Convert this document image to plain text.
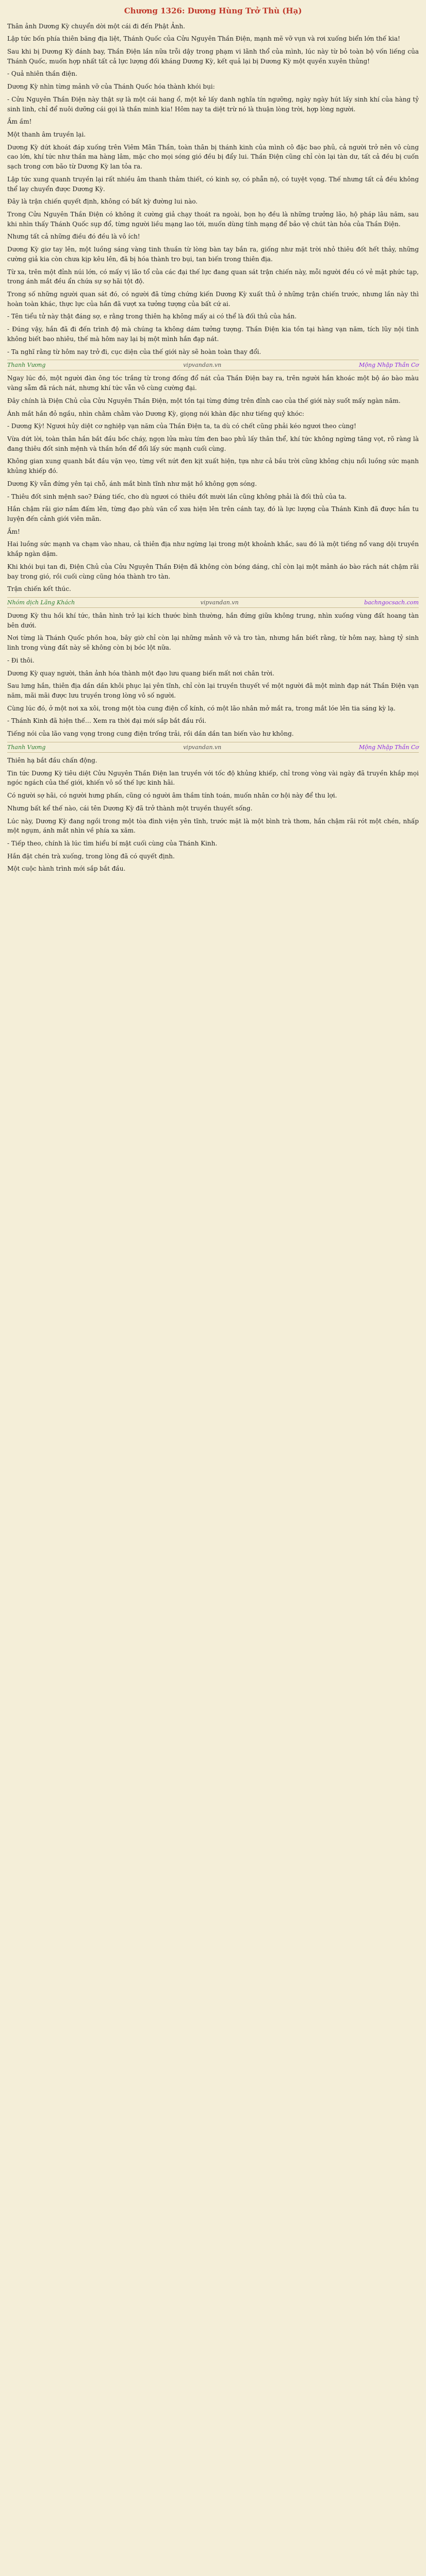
Chương 1326: Dương Hùng Trở Thù (Hạ)

Thân ảnh Dương Kỳ chuyển dời một cái đi đến Phật Ảnh.

Lập tức bốn phía thiên băng địa liệt, Thánh Quốc của Cửu Nguyên Thần Điện, mạnh mẽ vỡ vụn và rơi xuống biển lớn thế kia!

Sau khi bị Dương Kỳ đánh bay, Thần Điện lần nữa trỗi dậy trong phạm vi lãnh thổ của mình, lúc này từ bỏ toàn bộ vốn liếng của Thánh Quốc, muốn hợp nhất tất cả lực lượng đối kháng Dương Kỳ, kết quả lại bị Dương Kỳ một quyền xuyên thủng!

- Quả nhiên thần điện.

Dương Kỳ nhìn từng mảnh vỡ của Thánh Quốc hóa thành khói bụi:

- Cửu Nguyên Thần Điện này thật sự là một cái hang ổ, một kẻ lấy danh nghĩa tín ngưỡng, ngày ngày hút lấy sinh khí của hàng tỷ sinh linh, chỉ để nuôi dưỡng cái gọi là thần minh kia! Hôm nay ta diệt trừ nó là thuận lòng trời, hợp lòng người.

Ầm ầm!

Một thanh âm truyền lại.

Dương Kỳ dứt khoát đáp xuống trên Viêm Mãn Thần, toàn thân bị thánh kinh của mình cô đặc bao phủ, cả người trở nên vô cùng cao lớn, khí tức như thần ma hàng lâm, mặc cho mọi sóng gió đều bị đẩy lui. Thần Điện cũng chỉ còn lại tàn dư, tất cả đều bị cuốn sạch trong cơn bão từ Dương Kỳ lan tỏa ra.

Lập tức xung quanh truyền lại rất nhiều âm thanh thảm thiết, có kinh sợ, có phẫn nộ, có tuyệt vọng. Thế nhưng tất cả đều không thể lay chuyển được Dương Kỳ.

Đây là trận chiến quyết định, không có bất kỳ đường lui nào.

Trong Cửu Nguyên Thần Điện có không ít cường giả chạy thoát ra ngoài, bọn họ đều là những trưởng lão, hộ pháp lâu năm, sau khi nhìn thấy Thánh Quốc sụp đổ, từng người liều mạng lao tới, muốn dùng tính mạng để bảo vệ chút tàn hỏa của Thần Điện.

Nhưng tất cả những điều đó đều là vô ích!

Dương Kỳ giơ tay lên, một luồng sáng vàng tinh thuần từ lòng bàn tay bắn ra, giống như mặt trời nhỏ thiêu đốt hết thảy, những cường giả kia còn chưa kịp kêu lên, đã bị hóa thành tro bụi, tan biến trong thiên địa.

Từ xa, trên một đỉnh núi lớn, có mấy vị lão tổ của các đại thế lực đang quan sát trận chiến này, mỗi người đều có vẻ mặt phức tạp, trong ánh mắt đều ẩn chứa sự sợ hãi tột độ.

Trong số những người quan sát đó, có người đã từng chứng kiến Dương Kỳ xuất thủ ở những trận chiến trước, nhưng lần này thì hoàn toàn khác, thực lực của hắn đã vượt xa tưởng tượng của bất cứ ai.

- Tên tiểu tử này thật đáng sợ, e rằng trong thiên hạ không mấy ai có thể là đối thủ của hắn.

- Đúng vậy, hắn đã đi đến trình độ mà chúng ta không dám tưởng tượng. Thần Điện kia tồn tại hàng vạn năm, tích lũy nội tình không biết bao nhiêu, thế mà hôm nay lại bị một mình hắn đạp nát.

- Ta nghĩ rằng từ hôm nay trở đi, cục diện của thế giới này sẽ hoàn toàn thay đổi.

Thanh Vương	vipvandan.vn	Mộng Nhập Thần Cơ

Ngay lúc đó, một người đàn ông tóc trắng từ trong đống đổ nát của Thần Điện bay ra, trên người hắn khoác một bộ áo bào màu vàng sẫm đã rách nát, nhưng khí tức vẫn vô cùng cường đại.

Đây chính là Điện Chủ của Cửu Nguyên Thần Điện, một tồn tại từng đứng trên đỉnh cao của thế giới này suốt mấy ngàn năm.

Ánh mắt hắn đỏ ngầu, nhìn chằm chằm vào Dương Kỳ, giọng nói khàn đặc như tiếng quỷ khóc:

- Dương Kỳ! Ngươi hủy diệt cơ nghiệp vạn năm của Thần Điện ta, ta dù có chết cũng phải kéo ngươi theo cùng!

Vừa dứt lời, toàn thân hắn bắt đầu bốc cháy, ngọn lửa màu tím đen bao phủ lấy thân thể, khí tức không ngừng tăng vọt, rõ ràng là đang thiêu đốt sinh mệnh và thần hồn để đổi lấy sức mạnh cuối cùng.

Không gian xung quanh bắt đầu vặn vẹo, từng vết nứt đen kịt xuất hiện, tựa như cả bầu trời cũng không chịu nổi luồng sức mạnh khủng khiếp đó.

Dương Kỳ vẫn đứng yên tại chỗ, ánh mắt bình tĩnh như mặt hồ không gợn sóng.

- Thiêu đốt sinh mệnh sao? Đáng tiếc, cho dù ngươi có thiêu đốt mười lần cũng không phải là đối thủ của ta.

Hắn chậm rãi giơ nắm đấm lên, từng đạo phù văn cổ xưa hiện lên trên cánh tay, đó là lực lượng của Thánh Kinh đã được hắn tu luyện đến cảnh giới viên mãn.

Ầm!

Hai luồng sức mạnh va chạm vào nhau, cả thiên địa như ngừng lại trong một khoảnh khắc, sau đó là một tiếng nổ vang dội truyền khắp ngàn dặm.

Khi khói bụi tan đi, Điện Chủ của Cửu Nguyên Thần Điện đã không còn bóng dáng, chỉ còn lại một mảnh áo bào rách nát chậm rãi bay trong gió, rồi cuối cùng cũng hóa thành tro tàn.

Trận chiến kết thúc.

Nhóm dịch Lãng Khách	vipvandan.vn	bachngocsach.com

Dương Kỳ thu hồi khí tức, thân hình trở lại kích thước bình thường, hắn đứng giữa không trung, nhìn xuống vùng đất hoang tàn bên dưới.

Nơi từng là Thánh Quốc phồn hoa, bây giờ chỉ còn lại những mảnh vỡ và tro tàn, nhưng hắn biết rằng, từ hôm nay, hàng tỷ sinh linh trong vùng đất này sẽ không còn bị bóc lột nữa.

- Đi thôi.

Dương Kỳ quay người, thân ảnh hóa thành một đạo lưu quang biến mất nơi chân trời.

Sau lưng hắn, thiên địa dần dần khôi phục lại yên tĩnh, chỉ còn lại truyền thuyết về một người đã một mình đạp nát Thần Điện vạn năm, mãi mãi được lưu truyền trong lòng vô số người.

Cùng lúc đó, ở một nơi xa xôi, trong một tòa cung điện cổ kính, có một lão nhân mở mắt ra, trong mắt lóe lên tia sáng kỳ lạ.

- Thánh Kinh đã hiện thế… Xem ra thời đại mới sắp bắt đầu rồi.

Tiếng nói của lão vang vọng trong cung điện trống trải, rồi dần dần tan biến vào hư không.

Thanh Vương	vipvandan.vn	Mộng Nhập Thần Cơ

Thiên hạ bắt đầu chấn động.

Tin tức Dương Kỳ tiêu diệt Cửu Nguyên Thần Điện lan truyền với tốc độ khủng khiếp, chỉ trong vòng vài ngày đã truyền khắp mọi ngóc ngách của thế giới, khiến vô số thế lực kinh hãi.

Có người sợ hãi, có người hưng phấn, cũng có người âm thầm tính toán, muốn nhân cơ hội này để thu lợi.

Nhưng bất kể thế nào, cái tên Dương Kỳ đã trở thành một truyền thuyết sống.

Lúc này, Dương Kỳ đang ngồi trong một tòa đình viện yên tĩnh, trước mặt là một bình trà thơm, hắn chậm rãi rót một chén, nhấp một ngụm, ánh mắt nhìn về phía xa xăm.

- Tiếp theo, chính là lúc tìm hiểu bí mật cuối cùng của Thánh Kinh.

Hắn đặt chén trà xuống, trong lòng đã có quyết định.

Một cuộc hành trình mới sắp bắt đầu.
